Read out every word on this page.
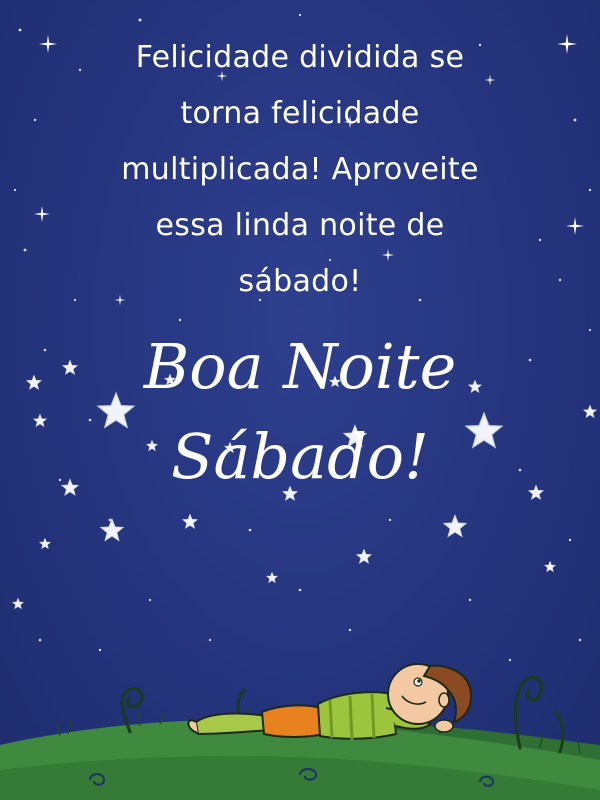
Felicidade dividida se
torna felicidade
multiplicada! Aproveite
essa linda noite de
sábado!
Boa Noite
Sábado!
